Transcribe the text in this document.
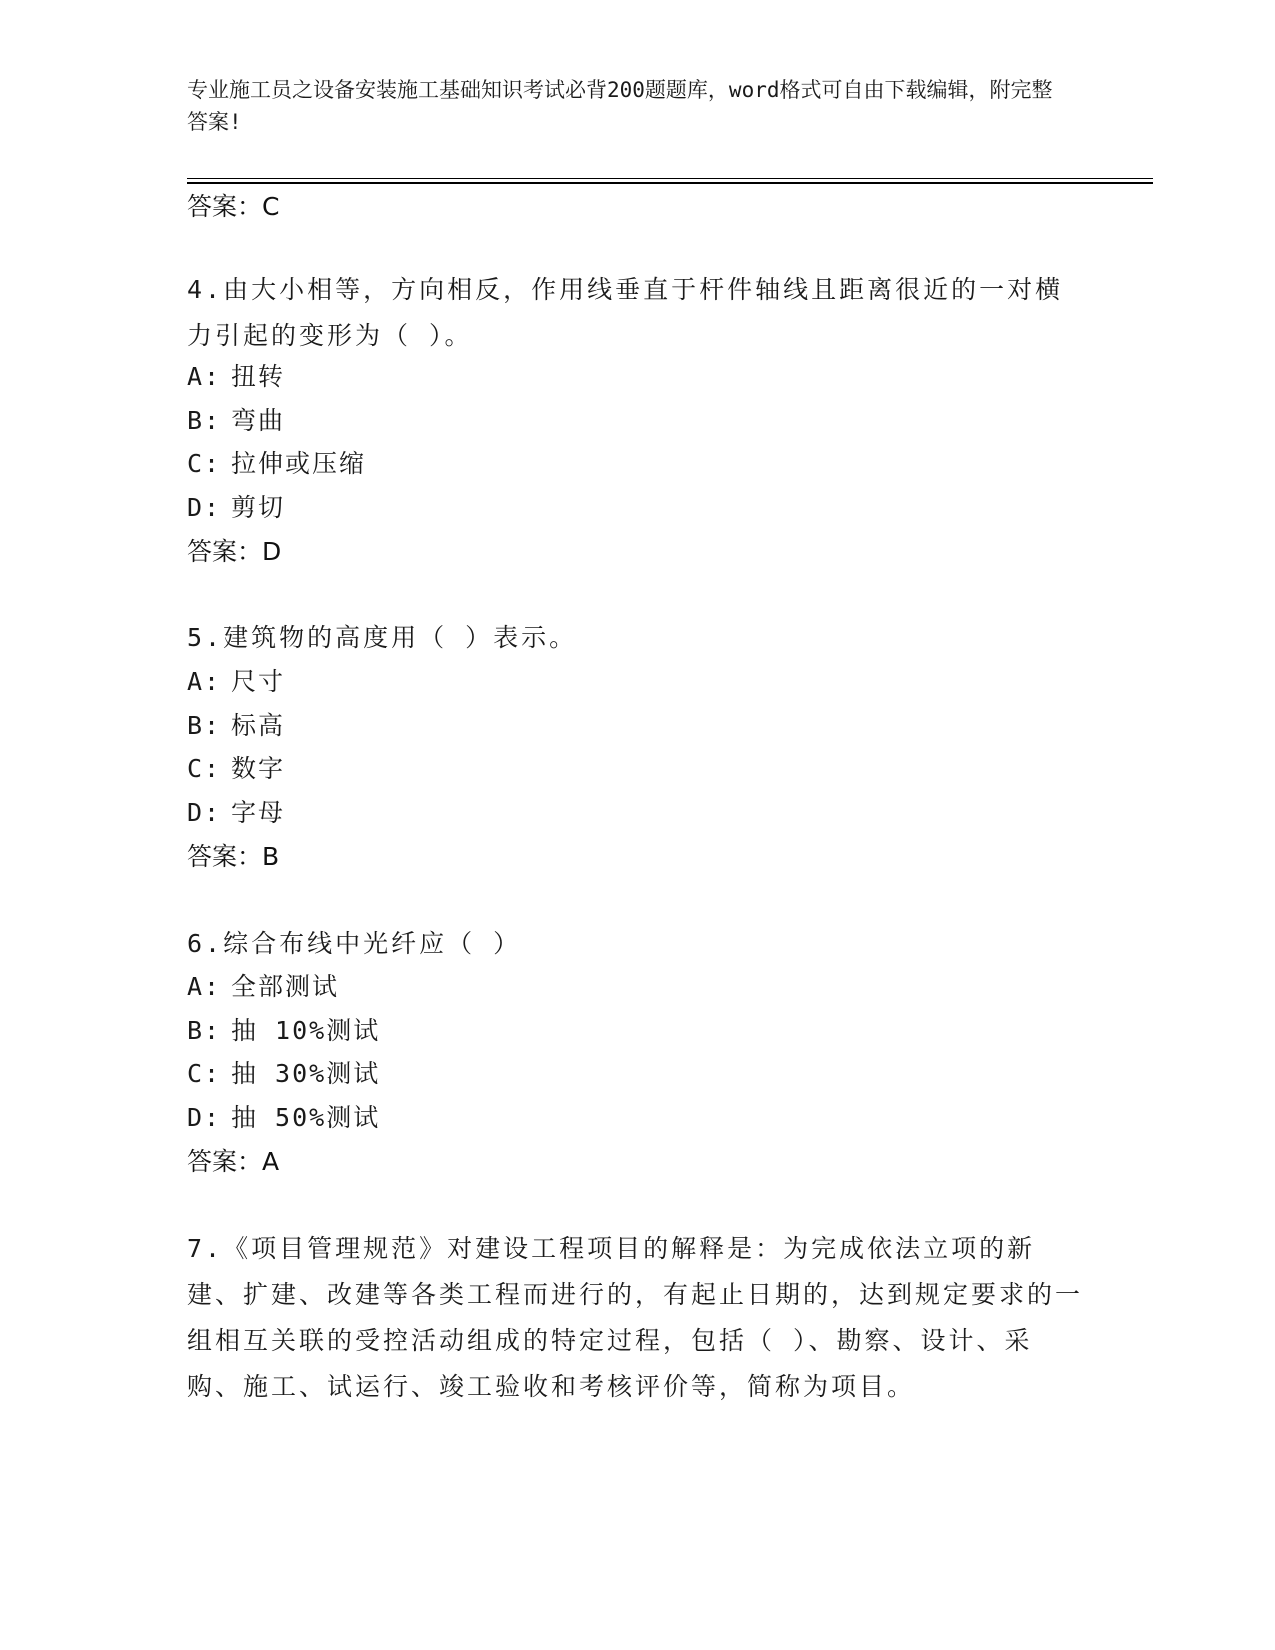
专业施工员之设备安装施工基础知识考试必背200题题库，word格式可自由下载编辑，附完整答案!
答案：C
4.由大小相等，方向相反，作用线垂直于杆件轴线且距离很近的一对横力引起的变形为（ ）。
A: 扭转
B: 弯曲
C: 拉伸或压缩
D: 剪切
答案：D
5.建筑物的高度用（ ）表示。
A: 尺寸
B: 标高
C: 数字
D: 字母
答案：B
6.综合布线中光纤应（ ）
A: 全部测试
B: 抽 10%测试
C: 抽 30%测试
D: 抽 50%测试
答案：A
7.《项目管理规范》对建设工程项目的解释是：为完成依法立项的新建、扩建、改建等各类工程而进行的，有起止日期的，达到规定要求的一组相互关联的受控活动组成的特定过程，包括（ ）、勘察、设计、采购、施工、试运行、竣工验收和考核评价等，简称为项目。
